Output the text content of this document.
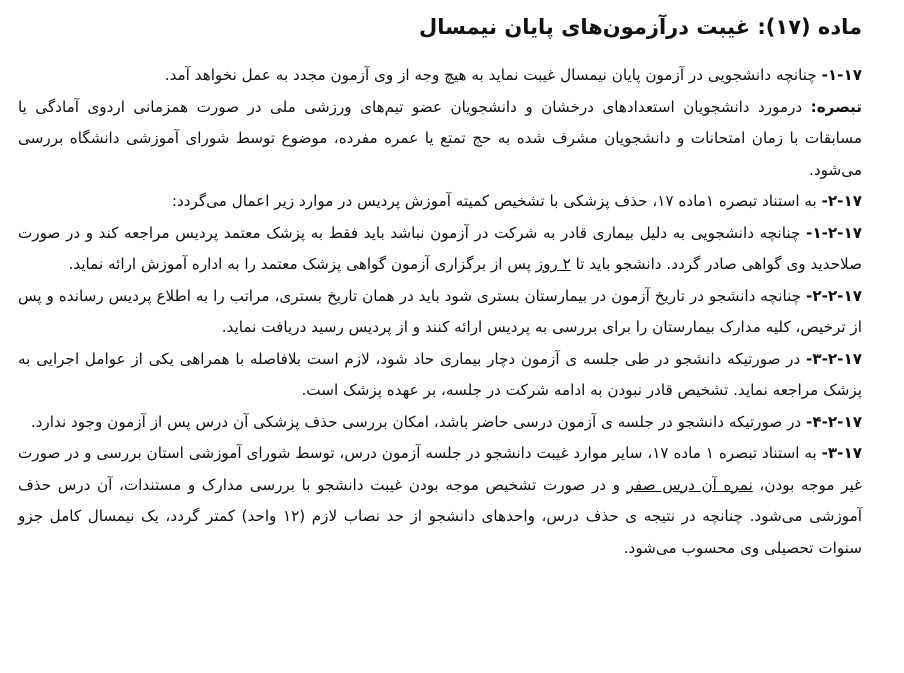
ماده (۱۷): غیبت درآزمون‌های پایان نیمسال

۱-۱۷- چنانچه دانشجویی در آزمون پایان نیمسال غیبت نماید به هیچ وجه از وی آزمون مجدد به عمل نخواهد آمد.

تبصره: درمورد دانشجویان استعدادهای درخشان و دانشجویان عضو تیم‌های ورزشی ملی در صورت همزمانی اردوی آمادگی یا مسابقات با زمان امتحانات و دانشجویان مشرف شده به حج تمتع یا عمره مفرده، موضوع توسط شورای آموزشی دانشگاه بررسی می‌شود.

۲-۱۷- به استناد تبصره ۱ماده ۱۷، حذف پزشکی با تشخیص کمیته آموزش پردیس در موارد زیر اعمال می‌گردد:

۱-۲-۱۷- چنانچه دانشجویی به دلیل بیماری قادر به شرکت در آزمون نباشد باید فقط به پزشک معتمد پردیس مراجعه کند و در صورت صلاحدید وی گواهی صادر گردد. دانشجو باید تا ۲ روز پس از برگزاری آزمون گواهی پزشک معتمد را به اداره آموزش ارائه نماید.

۲-۲-۱۷- چنانچه دانشجو در تاریخ آزمون در بیمارستان بستری شود باید در همان تاریخ بستری، مراتب را به اطلاع پردیس رسانده و پس از ترخیص، کلیه مدارک بیمارستان را برای بررسی به پردیس ارائه کنند و از پردیس رسید دریافت نماید.

۳-۲-۱۷- در صورتیکه دانشجو در طی جلسه ی آزمون دچار بیماری حاد شود، لازم است بلافاصله با همراهی یکی از عوامل اجرایی به پزشک مراجعه نماید. تشخیص قادر نبودن به ادامه شرکت در جلسه، بر عهده پزشک است.

۴-۲-۱۷- در صورتیکه دانشجو در جلسه ی آزمون درسی حاضر باشد، امکان بررسی حذف پزشکی آن درس پس از آزمون وجود ندارد.

۳-۱۷- به استناد تبصره ۱ ماده ۱۷، سایر موارد غیبت دانشجو در جلسه آزمون درس، توسط شورای آموزشی استان بررسی و در صورت غیر موجه بودن، نمره آن درس صفر و در صورت تشخیص موجه بودن غیبت دانشجو با بررسی مدارک و مستندات، آن درس حذف آموزشی می‌شود. چنانچه در نتیجه ی حذف درس، واحدهای دانشجو از حد نصاب لازم (۱۲ واحد) کمتر گردد، یک نیمسال کامل جزو سنوات تحصیلی وی محسوب می‌شود.
